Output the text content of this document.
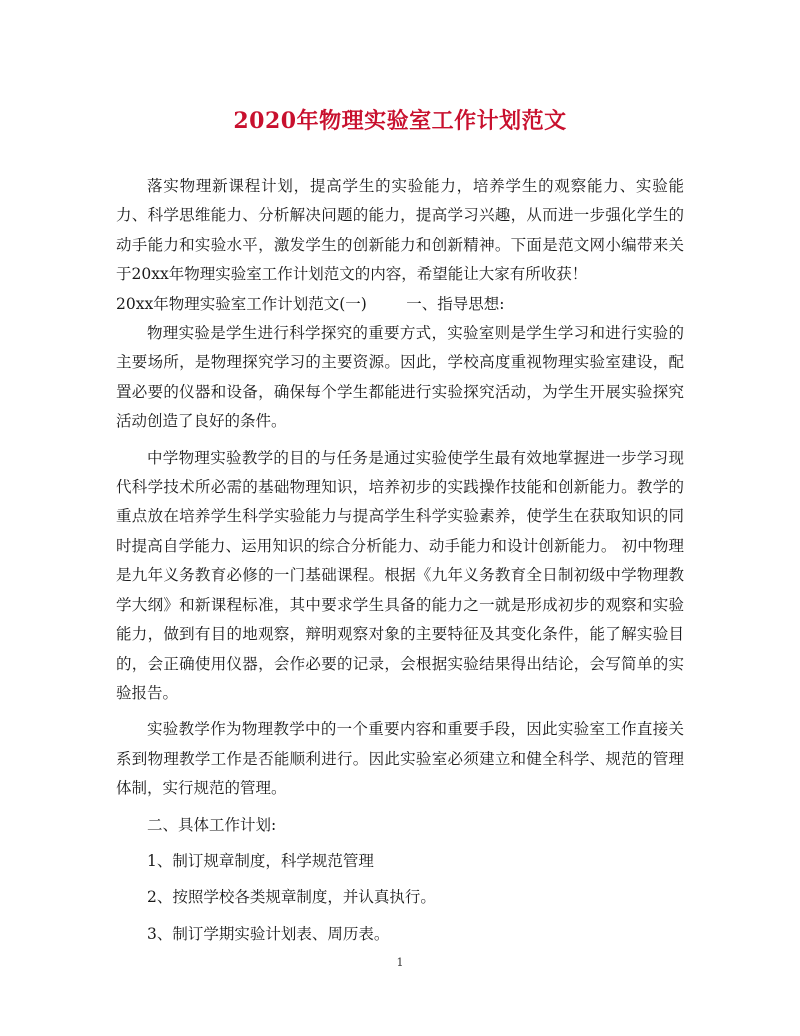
2020年物理实验室工作计划范文

落实物理新课程计划，提高学生的实验能力，培养学生的观察能力、实验能力、科学思维能力、分析解决问题的能力，提高学习兴趣，从而进一步强化学生的动手能力和实验水平，激发学生的创新能力和创新精神。下面是范文网小编带来关于20xx年物理实验室工作计划范文的内容，希望能让大家有所收获！

20xx年物理实验室工作计划范文(一)	一、指导思想:

物理实验是学生进行科学探究的重要方式，实验室则是学生学习和进行实验的主要场所，是物理探究学习的主要资源。因此，学校高度重视物理实验室建设，配置必要的仪器和设备，确保每个学生都能进行实验探究活动，为学生开展实验探究活动创造了良好的条件。

中学物理实验教学的目的与任务是通过实验使学生最有效地掌握进一步学习现代科学技术所必需的基础物理知识，培养初步的实践操作技能和创新能力。教学的重点放在培养学生科学实验能力与提高学生科学实验素养，使学生在获取知识的同时提高自学能力、运用知识的综合分析能力、动手能力和设计创新能力。 初中物理是九年义务教育必修的一门基础课程。根据《九年义务教育全日制初级中学物理教学大纲》和新课程标准，其中要求学生具备的能力之一就是形成初步的观察和实验能力，做到有目的地观察，辩明观察对象的主要特征及其变化条件，能了解实验目的，会正确使用仪器，会作必要的记录，会根据实验结果得出结论，会写简单的实验报告。

实验教学作为物理教学中的一个重要内容和重要手段，因此实验室工作直接关系到物理教学工作是否能顺利进行。因此实验室必须建立和健全科学、规范的管理体制，实行规范的管理。

二、具体工作计划:

1、制订规章制度，科学规范管理

2、按照学校各类规章制度，并认真执行。

3、制订学期实验计划表、周历表。

1
